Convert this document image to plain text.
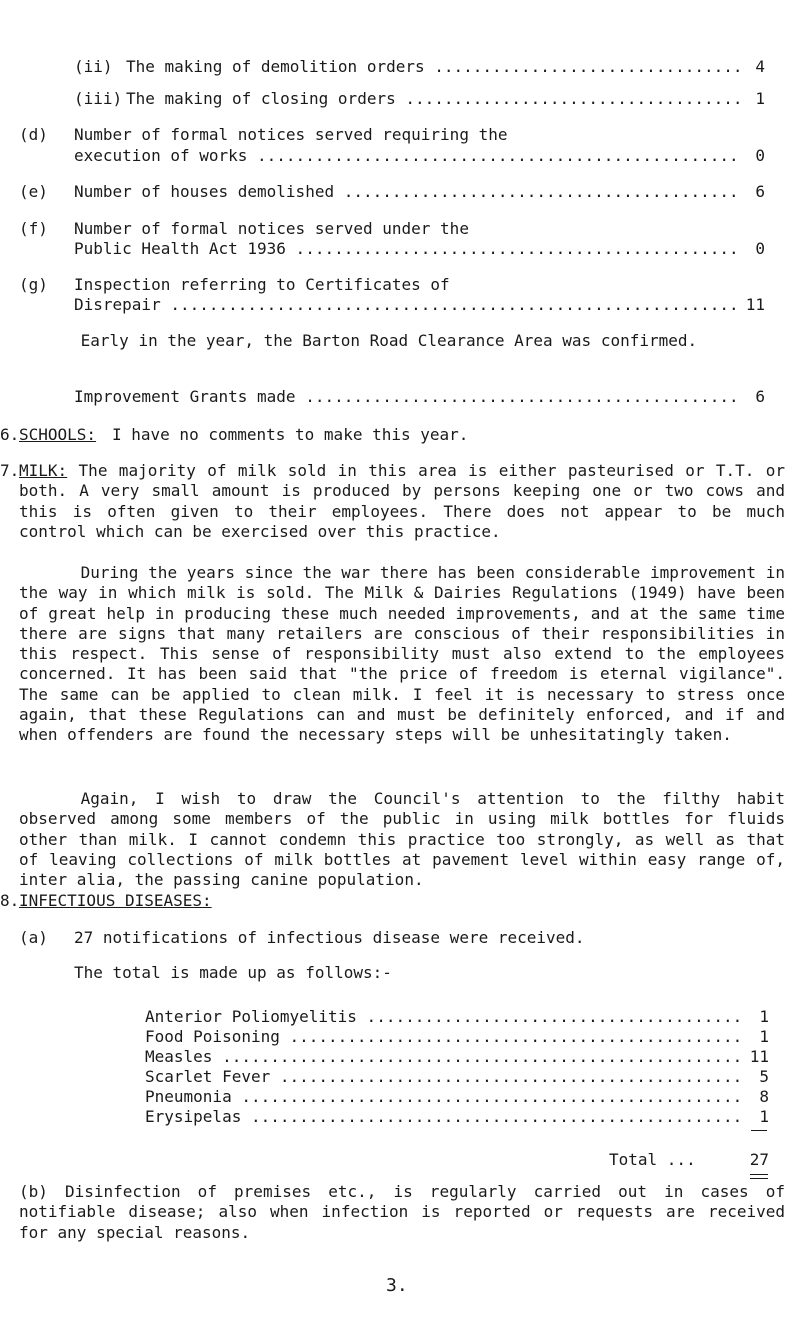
(ii) The making of demolition orders .....	4
(iii) The making of closing orders .....	1
(d) Number of formal notices served requiring the
execution of works .....	0
(e) Number of houses demolished .....	6
(f) Number of formal notices served under the
Public Health Act 1936 .....	0
(g) Inspection referring to Certificates of
Disrepair .....	11

Early in the year, the Barton Road Clearance Area was confirmed.

Improvement Grants made .....	6
6. SCHOOLS: I have no comments to make this year.
7. MILK: The majority of milk sold in this area is either pasteurised or T.T. or both. A very small amount is produced by persons keeping one or two cows and this is often given to their employees. There does not appear to be much control which can be exercised over this practice.

During the years since the war there has been considerable improvement in the way in which milk is sold. The Milk & Dairies Regulations (1949) have been of great help in producing these much needed improvements, and at the same time there are signs that many retailers are conscious of their responsibilities in this respect. This sense of responsibility must also extend to the employees concerned. It has been said that "the price of freedom is eternal vigilance". The same can be applied to clean milk. I feel it is necessary to stress once again, that these Regulations can and must be definitely enforced, and if and when offenders are found the necessary steps will be unhesitatingly taken.

Again, I wish to draw the Council's attention to the filthy habit observed among some members of the public in using milk bottles for fluids other than milk. I cannot condemn this practice too strongly, as well as that of leaving collections of milk bottles at pavement level within easy range of, inter alia, the passing canine population.

8. INFECTIOUS DISEASES:
(a) 27 notifications of infectious disease were received.
The total is made up as follows:-
Anterior Poliomyelitis .....	1
Food Poisoning .....	1
Measles .....	11
Scarlet Fever .....	5
Pneumonia .....	8
Erysipelas .....	1
Total ...	27

(b) Disinfection of premises etc., is regularly carried out in cases of notifiable disease; also when infection is reported or requests are received for any special reasons.

3.
